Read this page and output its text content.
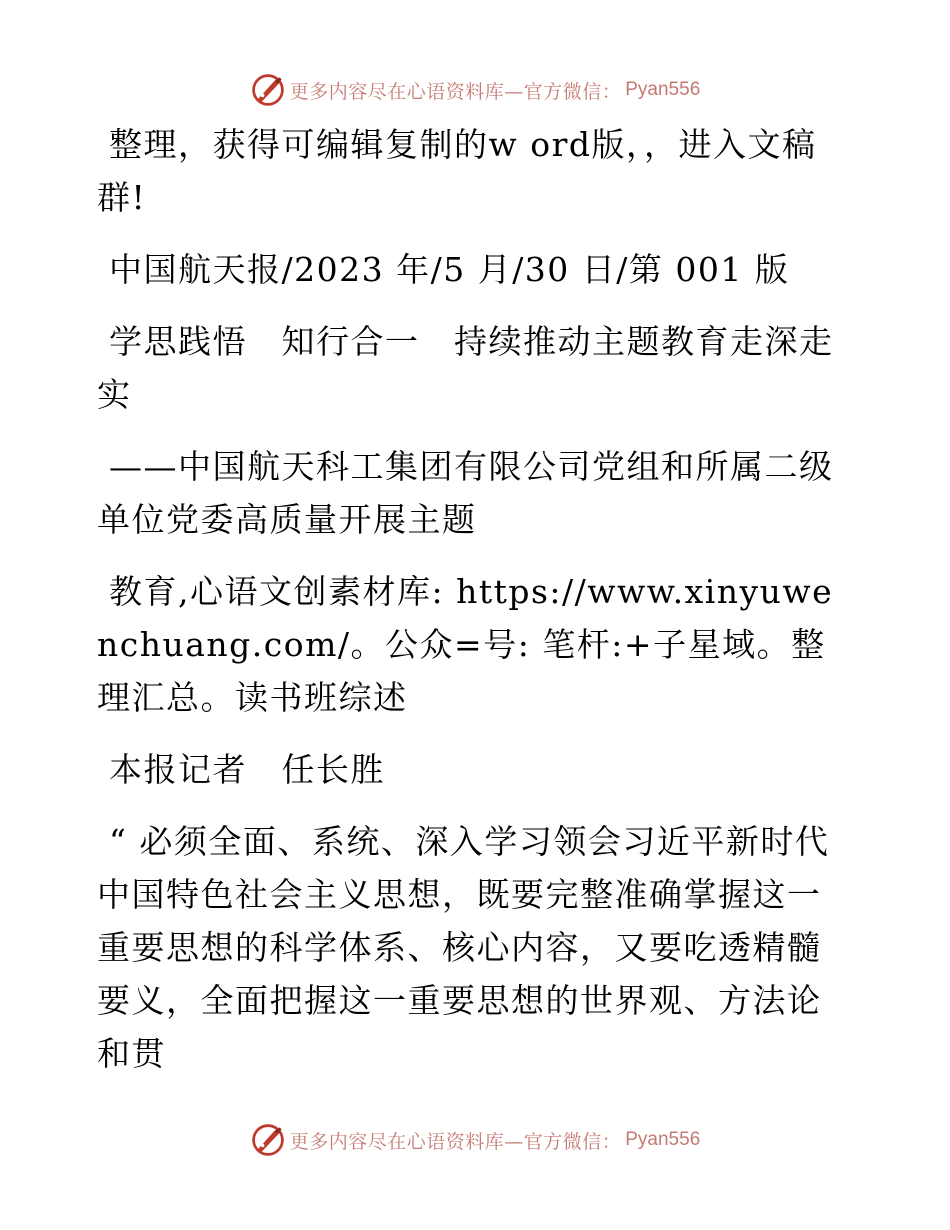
更多内容尽在心语资料库—官方微信： Pyan556

整理，获得可编辑复制的w ord版，，进入文稿群!

中国航天报/2023 年/5 月/30 日/第 001 版

学思践悟　知行合一　持续推动主题教育走深走实

——中国航天科工集团有限公司党组和所属二级单位党委高质量开展主题

教育,心语文创素材库: https://www.xinyuwenchuang.com/。公众=号: 笔杆:+子星域。整理汇总。读书班综述

本报记者　任长胜

“ 必须全面、系统、深入学习领会习近平新时代中国特色社会主义思想，既要完整准确掌握这一重要思想的科学体系、核心内容，又要吃透精髓要义，全面把握这一重要思想的世界观、方法论和贯

更多内容尽在心语资料库—官方微信： Pyan556
